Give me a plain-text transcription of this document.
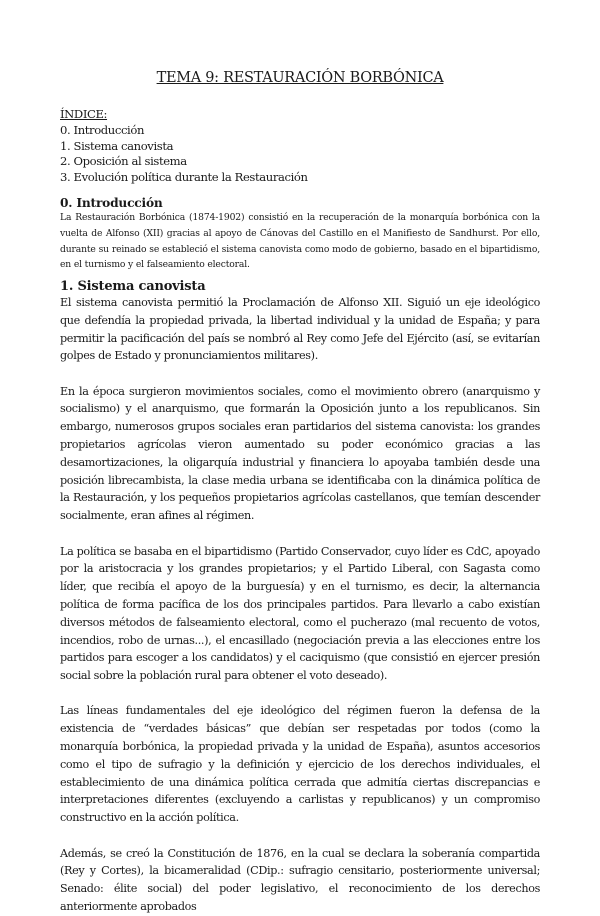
TEMA 9: RESTAURACIÓN BORBÓNICA
ÍNDICE:
0. Introducción
1. Sistema canovista
2. Oposición al sistema
3. Evolución política durante la Restauración
0. Introducción

La Restauración Borbónica (1874-1902) consistió en la recuperación de la monarquía borbónica con la vuelta de Alfonso (XII) gracias al apoyo de Cánovas del Castillo en el Manifiesto de Sandhurst. Por ello, durante su reinado se estableció el sistema canovista como modo de gobierno, basado en el bipartidismo, en el turnismo y el falseamiento electoral.

1. Sistema canovista

El sistema canovista permitió la Proclamación de Alfonso XII. Siguió un eje ideológico que defendía la propiedad privada, la libertad individual y la unidad de España; y para permitir la pacificación del país se nombró al Rey como Jefe del Ejército (así, se evitarían golpes de Estado y pronunciamientos militares).

En la época surgieron movimientos sociales, como el movimiento obrero (anarquismo y socialismo) y el anarquismo, que formarán la Oposición junto a los republicanos. Sin embargo, numerosos grupos sociales eran partidarios del sistema canovista: los grandes propietarios agrícolas vieron aumentado su poder económico gracias a las desamortizaciones, la oligarquía industrial y financiera lo apoyaba también desde una posición librecambista, la clase media urbana se identificaba con la dinámica política de la Restauración, y los pequeños propietarios agrícolas castellanos, que temían descender socialmente, eran afines al régimen.

La política se basaba en el bipartidismo (Partido Conservador, cuyo líder es CdC, apoyado por la aristocracia y los grandes propietarios; y el Partido Liberal, con Sagasta como líder, que recibía el apoyo de la burguesía) y en el turnismo, es decir, la alternancia política de forma pacífica de los dos principales partidos. Para llevarlo a cabo existían diversos métodos de falseamiento electoral, como el pucherazo (mal recuento de votos, incendios, robo de urnas...), el encasillado (negociación previa a las elecciones entre los partidos para escoger a los candidatos) y el caciquismo (que consistió en ejercer presión social sobre la población rural para obtener el voto deseado).

Las líneas fundamentales del eje ideológico del régimen fueron la defensa de la existencia de “verdades básicas” que debían ser respetadas por todos (como la monarquía borbónica, la propiedad privada y la unidad de España), asuntos accesorios como el tipo de sufragio y la definición y ejercicio de los derechos individuales, el establecimiento de una dinámica política cerrada que admitía ciertas discrepancias e interpretaciones diferentes (excluyendo a carlistas y republicanos) y un compromiso constructivo en la acción política.

Además, se creó la Constitución de 1876, en la cual se declara la soberanía compartida (Rey y Cortes), la bicameralidad (CDip.: sufragio censitario, posteriormente universal; Senado: élite social) del poder legislativo, el reconocimiento de los derechos anteriormente aprobados
